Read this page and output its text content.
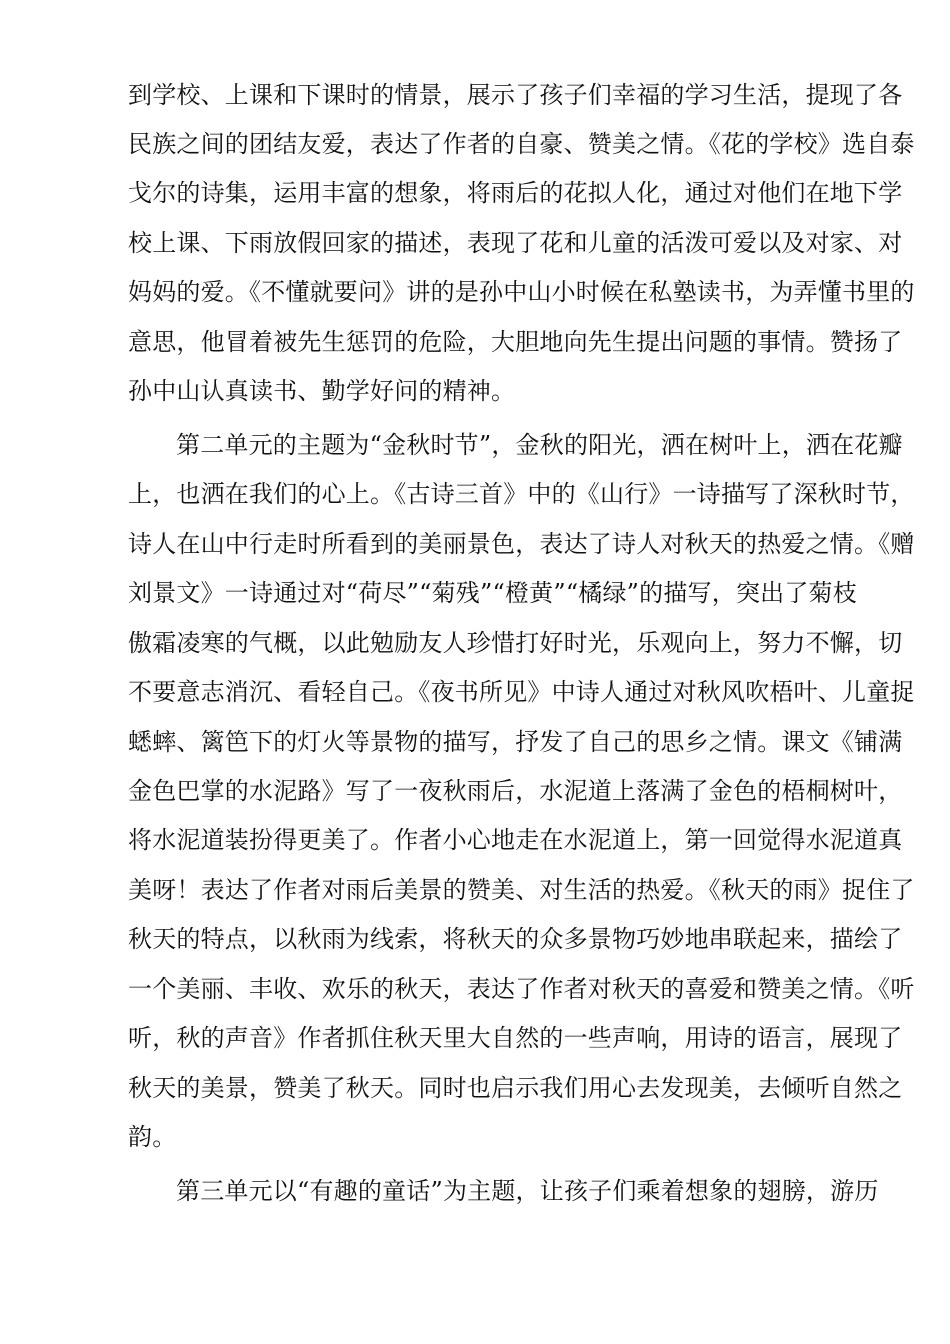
到学校、上课和下课时的情景，展示了孩子们幸福的学习生活，提现了各
民族之间的团结友爱，表达了作者的自豪、赞美之情。《花的学校》选自泰
戈尔的诗集，运用丰富的想象，将雨后的花拟人化，通过对他们在地下学
校上课、下雨放假回家的描述，表现了花和儿童的活泼可爱以及对家、对
妈妈的爱。《不懂就要问》讲的是孙中山小时候在私塾读书，为弄懂书里的
意思，他冒着被先生惩罚的危险，大胆地向先生提出问题的事情。赞扬了
孙中山认真读书、勤学好问的精神。
第二单元的主题为“金秋时节”，金秋的阳光，洒在树叶上，洒在花瓣
上，也洒在我们的心上。《古诗三首》中的《山行》一诗描写了深秋时节，
诗人在山中行走时所看到的美丽景色，表达了诗人对秋天的热爱之情。《赠
刘景文》一诗通过对“荷尽”“菊残”“橙黄”“橘绿”的描写，突出了菊枝
傲霜凌寒的气概，以此勉励友人珍惜打好时光，乐观向上，努力不懈，切
不要意志消沉、看轻自己。《夜书所见》中诗人通过对秋风吹梧叶、儿童捉
蟋蟀、篱笆下的灯火等景物的描写，抒发了自己的思乡之情。课文《铺满
金色巴掌的水泥路》写了一夜秋雨后，水泥道上落满了金色的梧桐树叶，
将水泥道装扮得更美了。作者小心地走在水泥道上，第一回觉得水泥道真
美呀！表达了作者对雨后美景的赞美、对生活的热爱。《秋天的雨》捉住了
秋天的特点，以秋雨为线索，将秋天的众多景物巧妙地串联起来，描绘了
一个美丽、丰收、欢乐的秋天，表达了作者对秋天的喜爱和赞美之情。《听
听，秋的声音》作者抓住秋天里大自然的一些声响，用诗的语言，展现了
秋天的美景，赞美了秋天。同时也启示我们用心去发现美，去倾听自然之
韵。
第三单元以“有趣的童话”为主题，让孩子们乘着想象的翅膀，游历
